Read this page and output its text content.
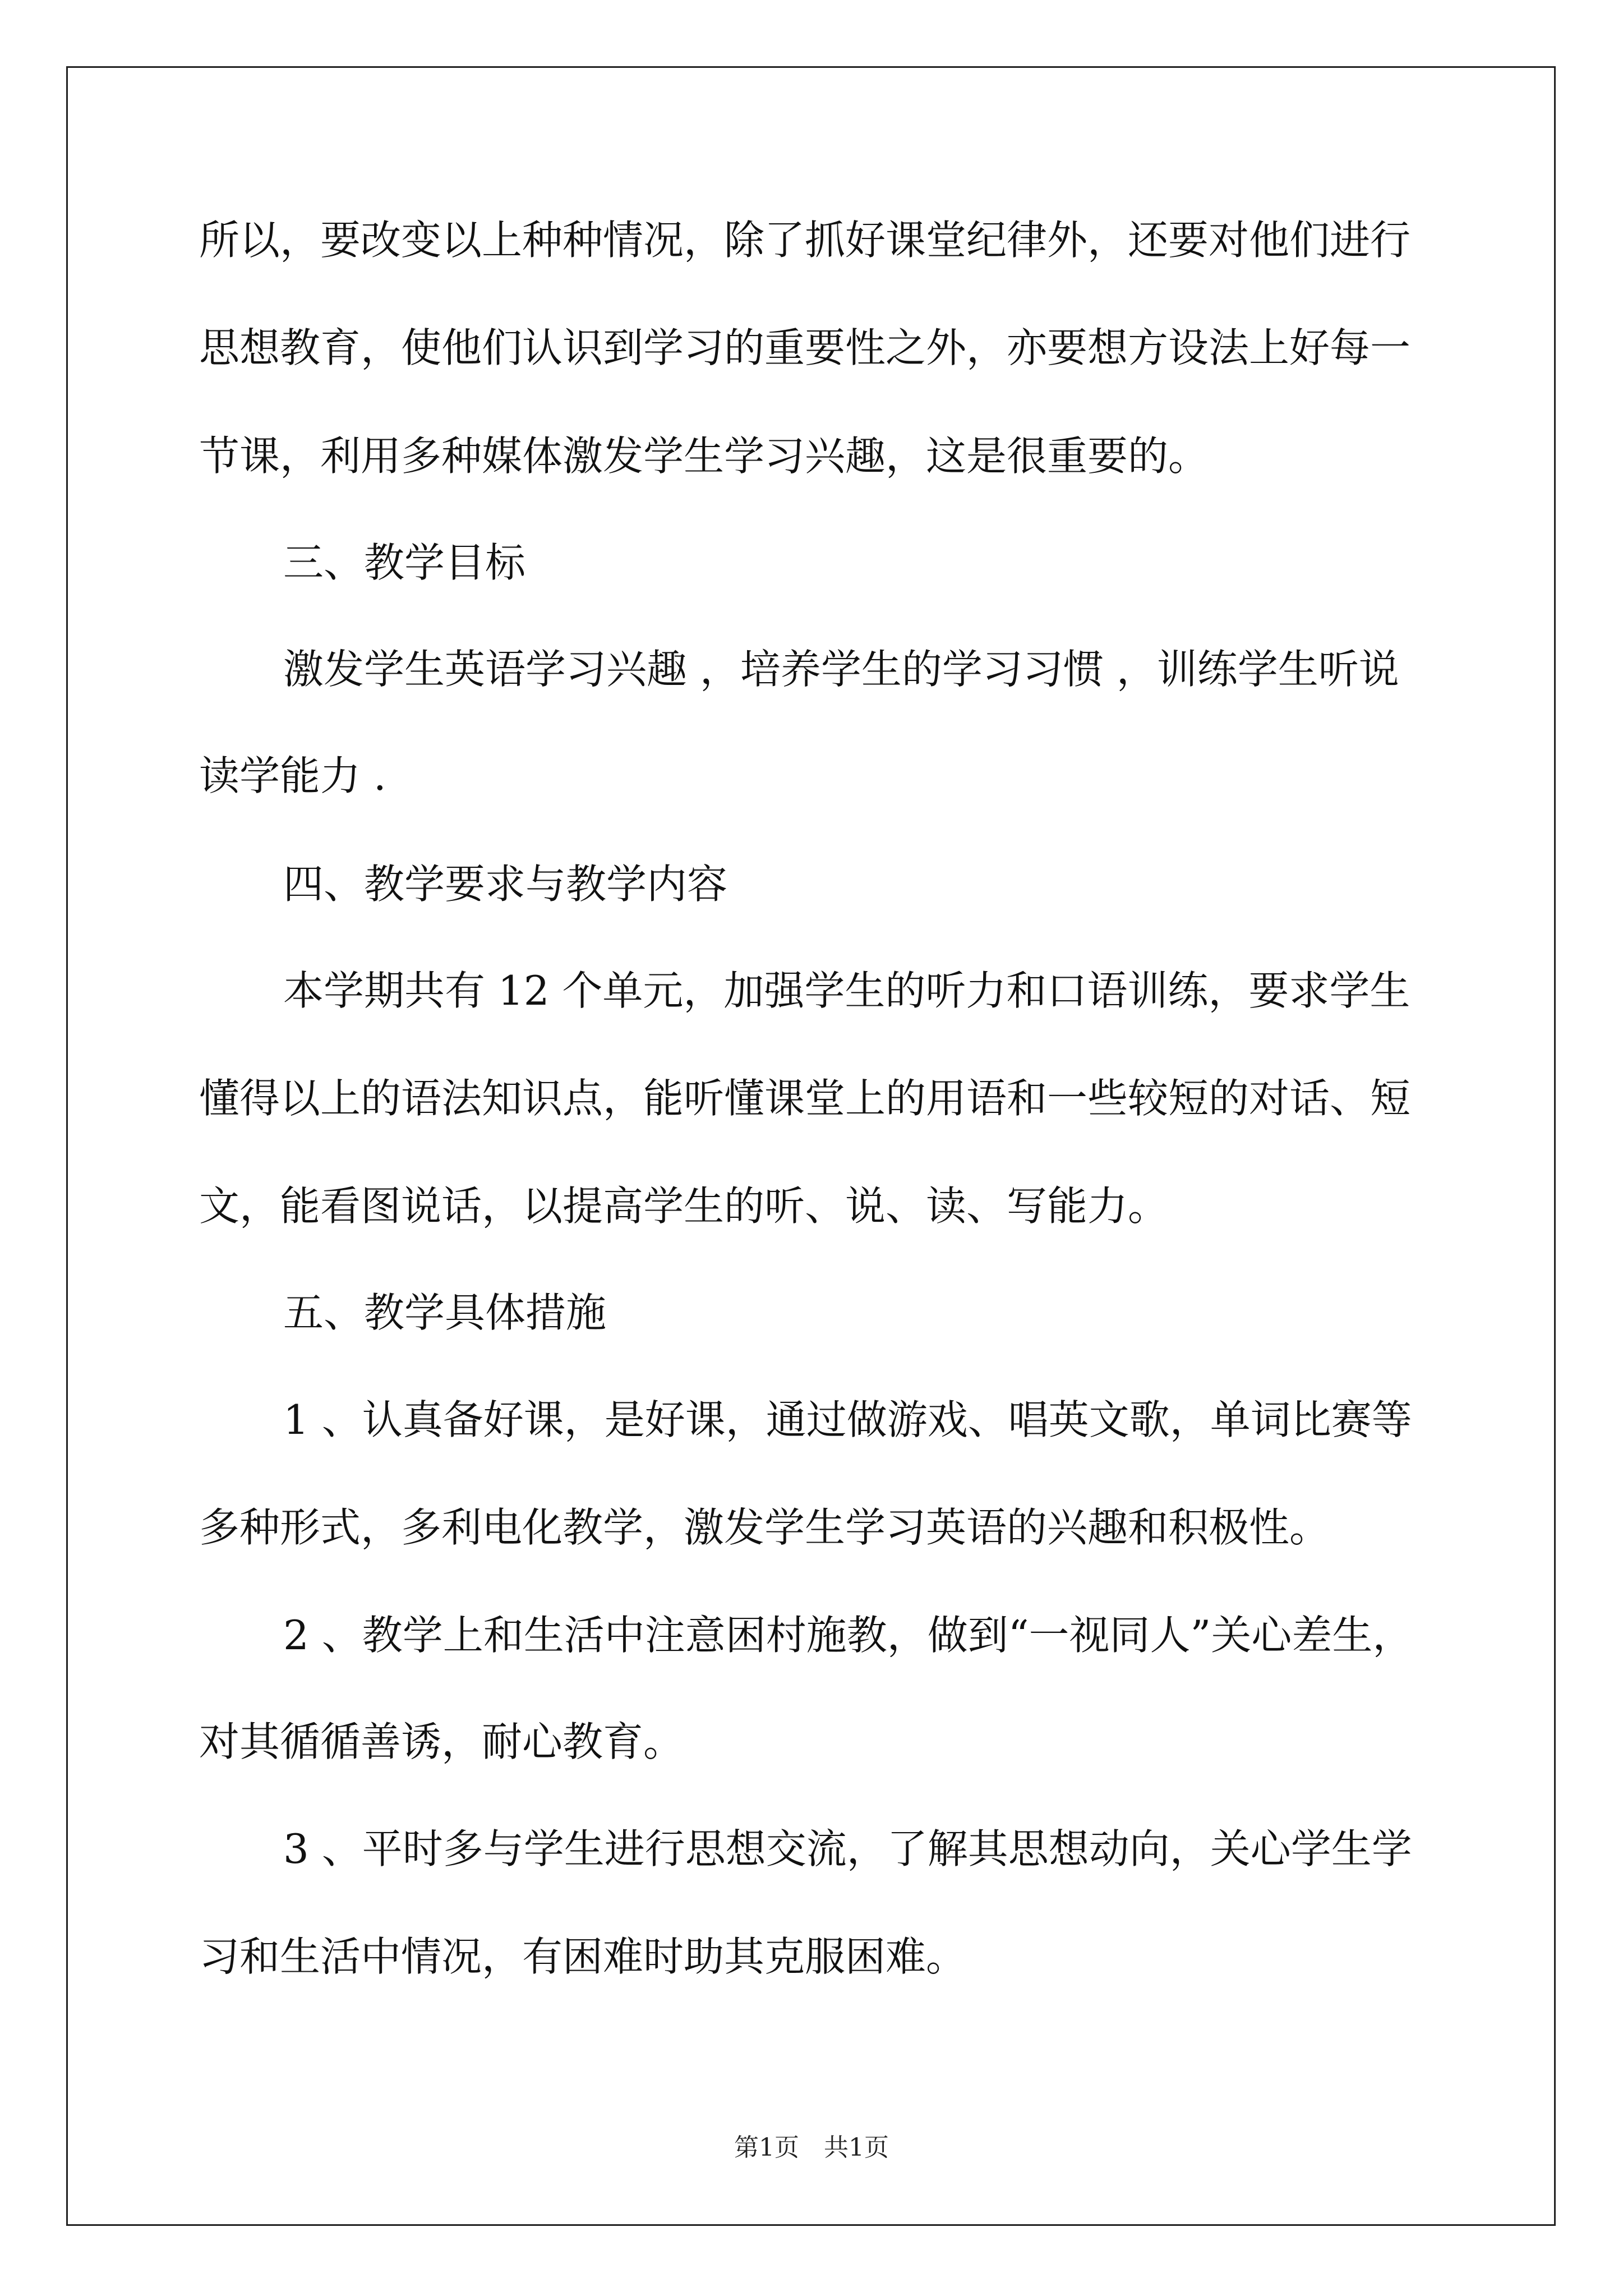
所以，要改变以上种种情况，除了抓好课堂纪律外，还要对他们进行
思想教育，使他们认识到学习的重要性之外，亦要想方设法上好每一
节课，利用多种媒体激发学生学习兴趣，这是很重要的。
三、教学目标
激发学生英语学习兴趣 ，培养学生的学习习惯 ，训练学生听说
读学能力 .
四、教学要求与教学内容
本学期共有 12 个单元，加强学生的听力和口语训练，要求学生
懂得以上的语法知识点，能听懂课堂上的用语和一些较短的对话、短
文，能看图说话，以提高学生的听、说、读、写能力。
五、教学具体措施
1 、认真备好课，是好课，通过做游戏、唱英文歌，单词比赛等
多种形式，多利电化教学，激发学生学习英语的兴趣和积极性。
2 、教学上和生活中注意困村施教，做到“一视同人”关心差生，
对其循循善诱，耐心教育。
3 、平时多与学生进行思想交流，了解其思想动向，关心学生学
习和生活中情况，有困难时助其克服困难。
第1页　共1页
